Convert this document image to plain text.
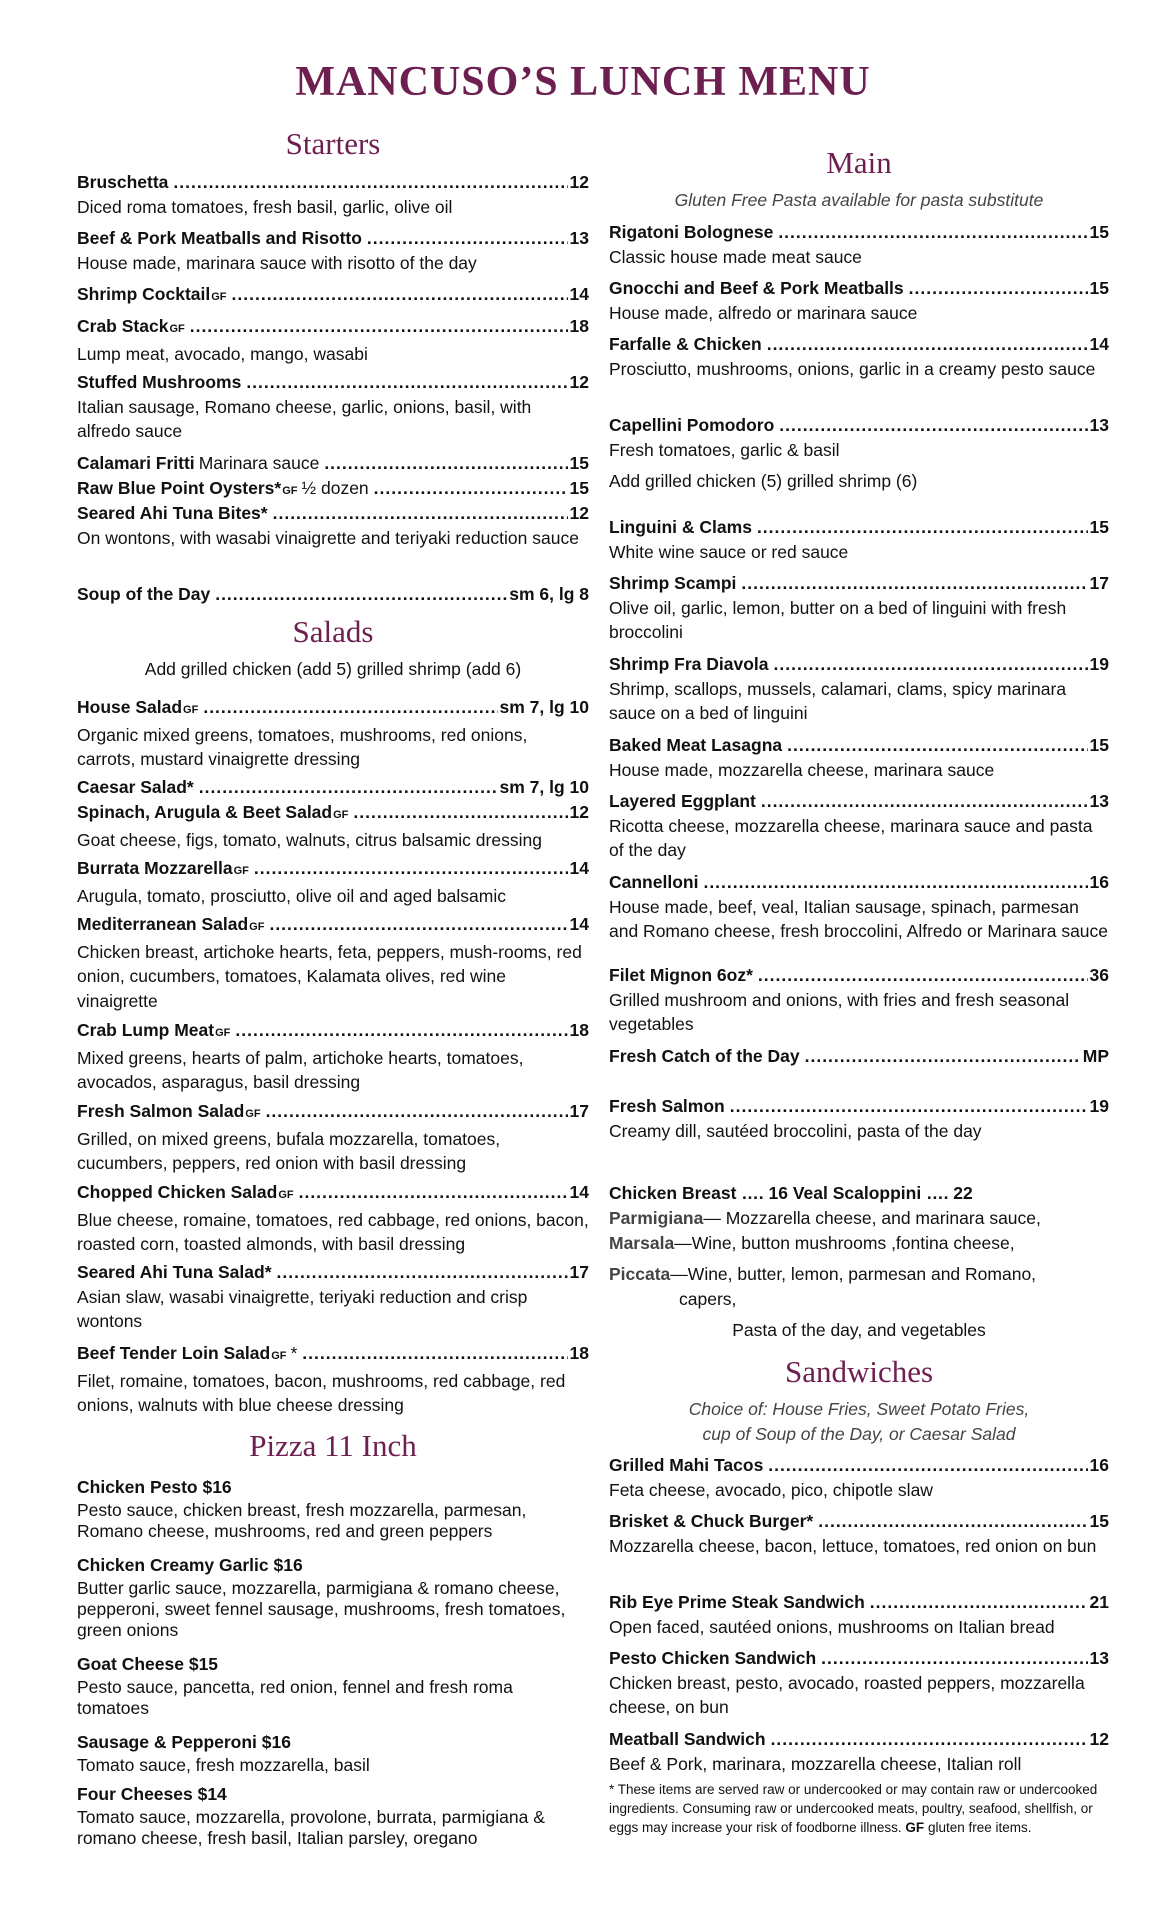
MANCUSO’S LUNCH MENU
Starters
Bruschetta .....	12
Diced roma tomatoes, fresh basil, garlic, olive oil
Beef & Pork Meatballs and Risotto .....	13
House made, marinara sauce with risotto of the day
Shrimp Cocktail GF .....	14
Crab Stack GF .....	18
Lump meat, avocado, mango, wasabi
Stuffed Mushrooms .....	12
Italian sausage, Romano cheese, garlic, onions, basil, with alfredo sauce
Calamari Fritti Marinara sauce .....	15
Raw Blue Point Oysters* GF ½ dozen .....	15
Seared Ahi Tuna Bites* .....	12
On wontons, with wasabi vinaigrette and teriyaki reduction sauce
Soup of the Day .....	sm 6, lg 8
Salads
Add grilled chicken (add 5) grilled shrimp (add 6)
House Salad GF .....	sm 7, lg 10
Organic mixed greens, tomatoes, mushrooms, red onions, carrots, mustard vinaigrette dressing
Caesar Salad* .....	sm 7, lg 10
Spinach, Arugula & Beet Salad GF .....	12
Goat cheese, figs, tomato, walnuts, citrus balsamic dressing
Burrata Mozzarella GF .....	14
Arugula, tomato, prosciutto, olive oil and aged balsamic
Mediterranean Salad GF .....	14
Chicken breast, artichoke hearts, feta, peppers, mush-rooms, red onion, cucumbers, tomatoes, Kalamata olives, red wine vinaigrette
Crab Lump Meat GF .....	18
Mixed greens, hearts of palm, artichoke hearts, tomatoes, avocados, asparagus, basil dressing
Fresh Salmon Salad GF .....	17
Grilled, on mixed greens, bufala mozzarella, tomatoes, cucumbers, peppers, red onion with basil dressing
Chopped Chicken Salad GF .....	14
Blue cheese, romaine, tomatoes, red cabbage, red onions, bacon, roasted corn, toasted almonds, with basil dressing
Seared Ahi Tuna Salad* .....	17
Asian slaw, wasabi vinaigrette, teriyaki reduction and crisp wontons
Beef Tender Loin Salad GF * .....	18
Filet, romaine, tomatoes, bacon, mushrooms, red cabbage, red onions, walnuts with blue cheese dressing
Pizza 11 Inch
Chicken Pesto $16
Pesto sauce, chicken breast, fresh mozzarella, parmesan, Romano cheese, mushrooms, red and green peppers
Chicken Creamy Garlic $16
Butter garlic sauce, mozzarella, parmigiana & romano cheese, pepperoni, sweet fennel sausage, mushrooms, fresh tomatoes, green onions
Goat Cheese $15
Pesto sauce, pancetta, red onion, fennel and fresh roma tomatoes
Sausage & Pepperoni $16
Tomato sauce, fresh mozzarella, basil
Four Cheeses $14
Tomato sauce, mozzarella, provolone, burrata, parmigiana & romano cheese, fresh basil, Italian parsley, oregano
Main
Gluten Free Pasta available for pasta substitute
Rigatoni Bolognese .....	15
Classic house made meat sauce
Gnocchi and Beef & Pork Meatballs .....	15
House made, alfredo or marinara sauce
Farfalle & Chicken .....	14
Prosciutto, mushrooms, onions, garlic in a creamy pesto sauce
Capellini Pomodoro .....	13
Fresh tomatoes, garlic & basil
Linguini & Clams .....	15
White wine sauce or red sauce
Shrimp Scampi .....	17
Olive oil, garlic, lemon, butter on a bed of linguini with fresh broccolini
Shrimp Fra Diavola .....	19
Shrimp, scallops, mussels, calamari, clams, spicy marinara sauce on a bed of linguini
Baked Meat Lasagna .....	15
House made, mozzarella cheese, marinara sauce
Layered Eggplant .....	13
Ricotta cheese, mozzarella cheese, marinara sauce and pasta of the day
Cannelloni .....	16
House made, beef, veal, Italian sausage, spinach, parmesan and Romano cheese, fresh broccolini, Alfredo or Marinara sauce
Filet Mignon 6oz* .....	36
Grilled mushroom and onions, with fries and fresh seasonal vegetables
Fresh Catch of the Day .....	MP
Fresh Salmon .....	19
Creamy dill, sautéed broccolini, pasta of the day
Add grilled chicken (5) grilled shrimp (6)
Chicken Breast …. 16 Veal Scaloppini …. 22
Parmigiana— Mozzarella cheese, and marinara sauce,
Marsala—Wine, button mushrooms ,fontina cheese,
Piccata—Wine, butter, lemon, parmesan and Romano,
capers,
Pasta of the day, and vegetables
Sandwiches
Choice of: House Fries, Sweet Potato Fries,
cup of Soup of the Day, or Caesar Salad
Grilled Mahi Tacos .....	16
Feta cheese, avocado, pico, chipotle slaw
Brisket & Chuck Burger* .....	15
Mozzarella cheese, bacon, lettuce, tomatoes, red onion on bun
Rib Eye Prime Steak Sandwich .....	21
Open faced, sautéed onions, mushrooms on Italian bread
Pesto Chicken Sandwich .....	13
Chicken breast, pesto, avocado, roasted peppers, mozzarella cheese, on bun
Meatball Sandwich .....	12
Beef & Pork, marinara, mozzarella cheese, Italian roll
* These items are served raw or undercooked or may contain raw or undercooked ingredients. Consuming raw or undercooked meats, poultry, seafood, shellfish, or eggs may increase your risk of foodborne illness. GF gluten free items.
